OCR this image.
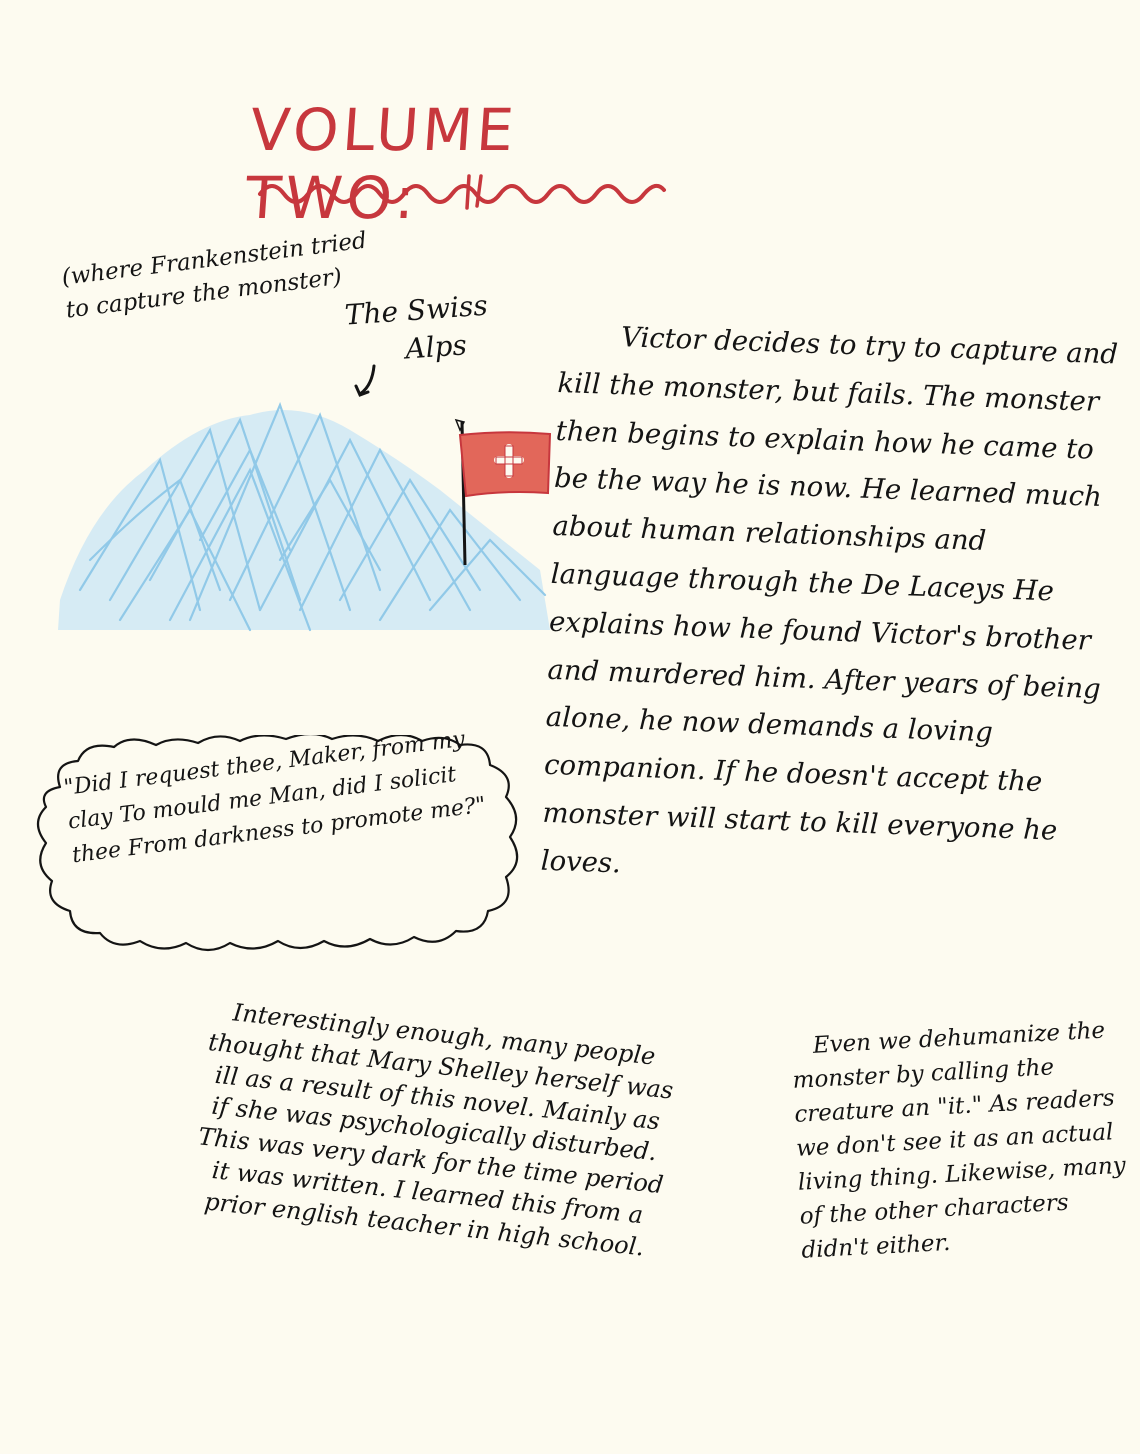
VOLUME TWO:
(where Frankenstein tried to capture the monster) The Swiss
Alps	Victor decides to try to capture and kill the monster, but fails. The monster then begins to explain how he came to be the way he is now. He learned much about human relationships and language through the De Laceys He explains how he found Victor's brother and murdered him. After years of being alone, he now demands a loving companion. If he doesn't accept the monster will start to kill everyone he loves.
"Did I request thee, Maker, from my clay To mould me Man, did I solicit thee From darkness to promote me?"
Interestingly enough, many people thought that Mary Shelley herself was ill as a result of this novel. Mainly as if she was psychologically disturbed. This was very dark for the time period it was written. I learned this from a prior english teacher in high school.
Even we dehumanize the monster by calling the creature an "it." As readers we don't see it as an actual living thing. Likewise, many of the other characters didn't either.
